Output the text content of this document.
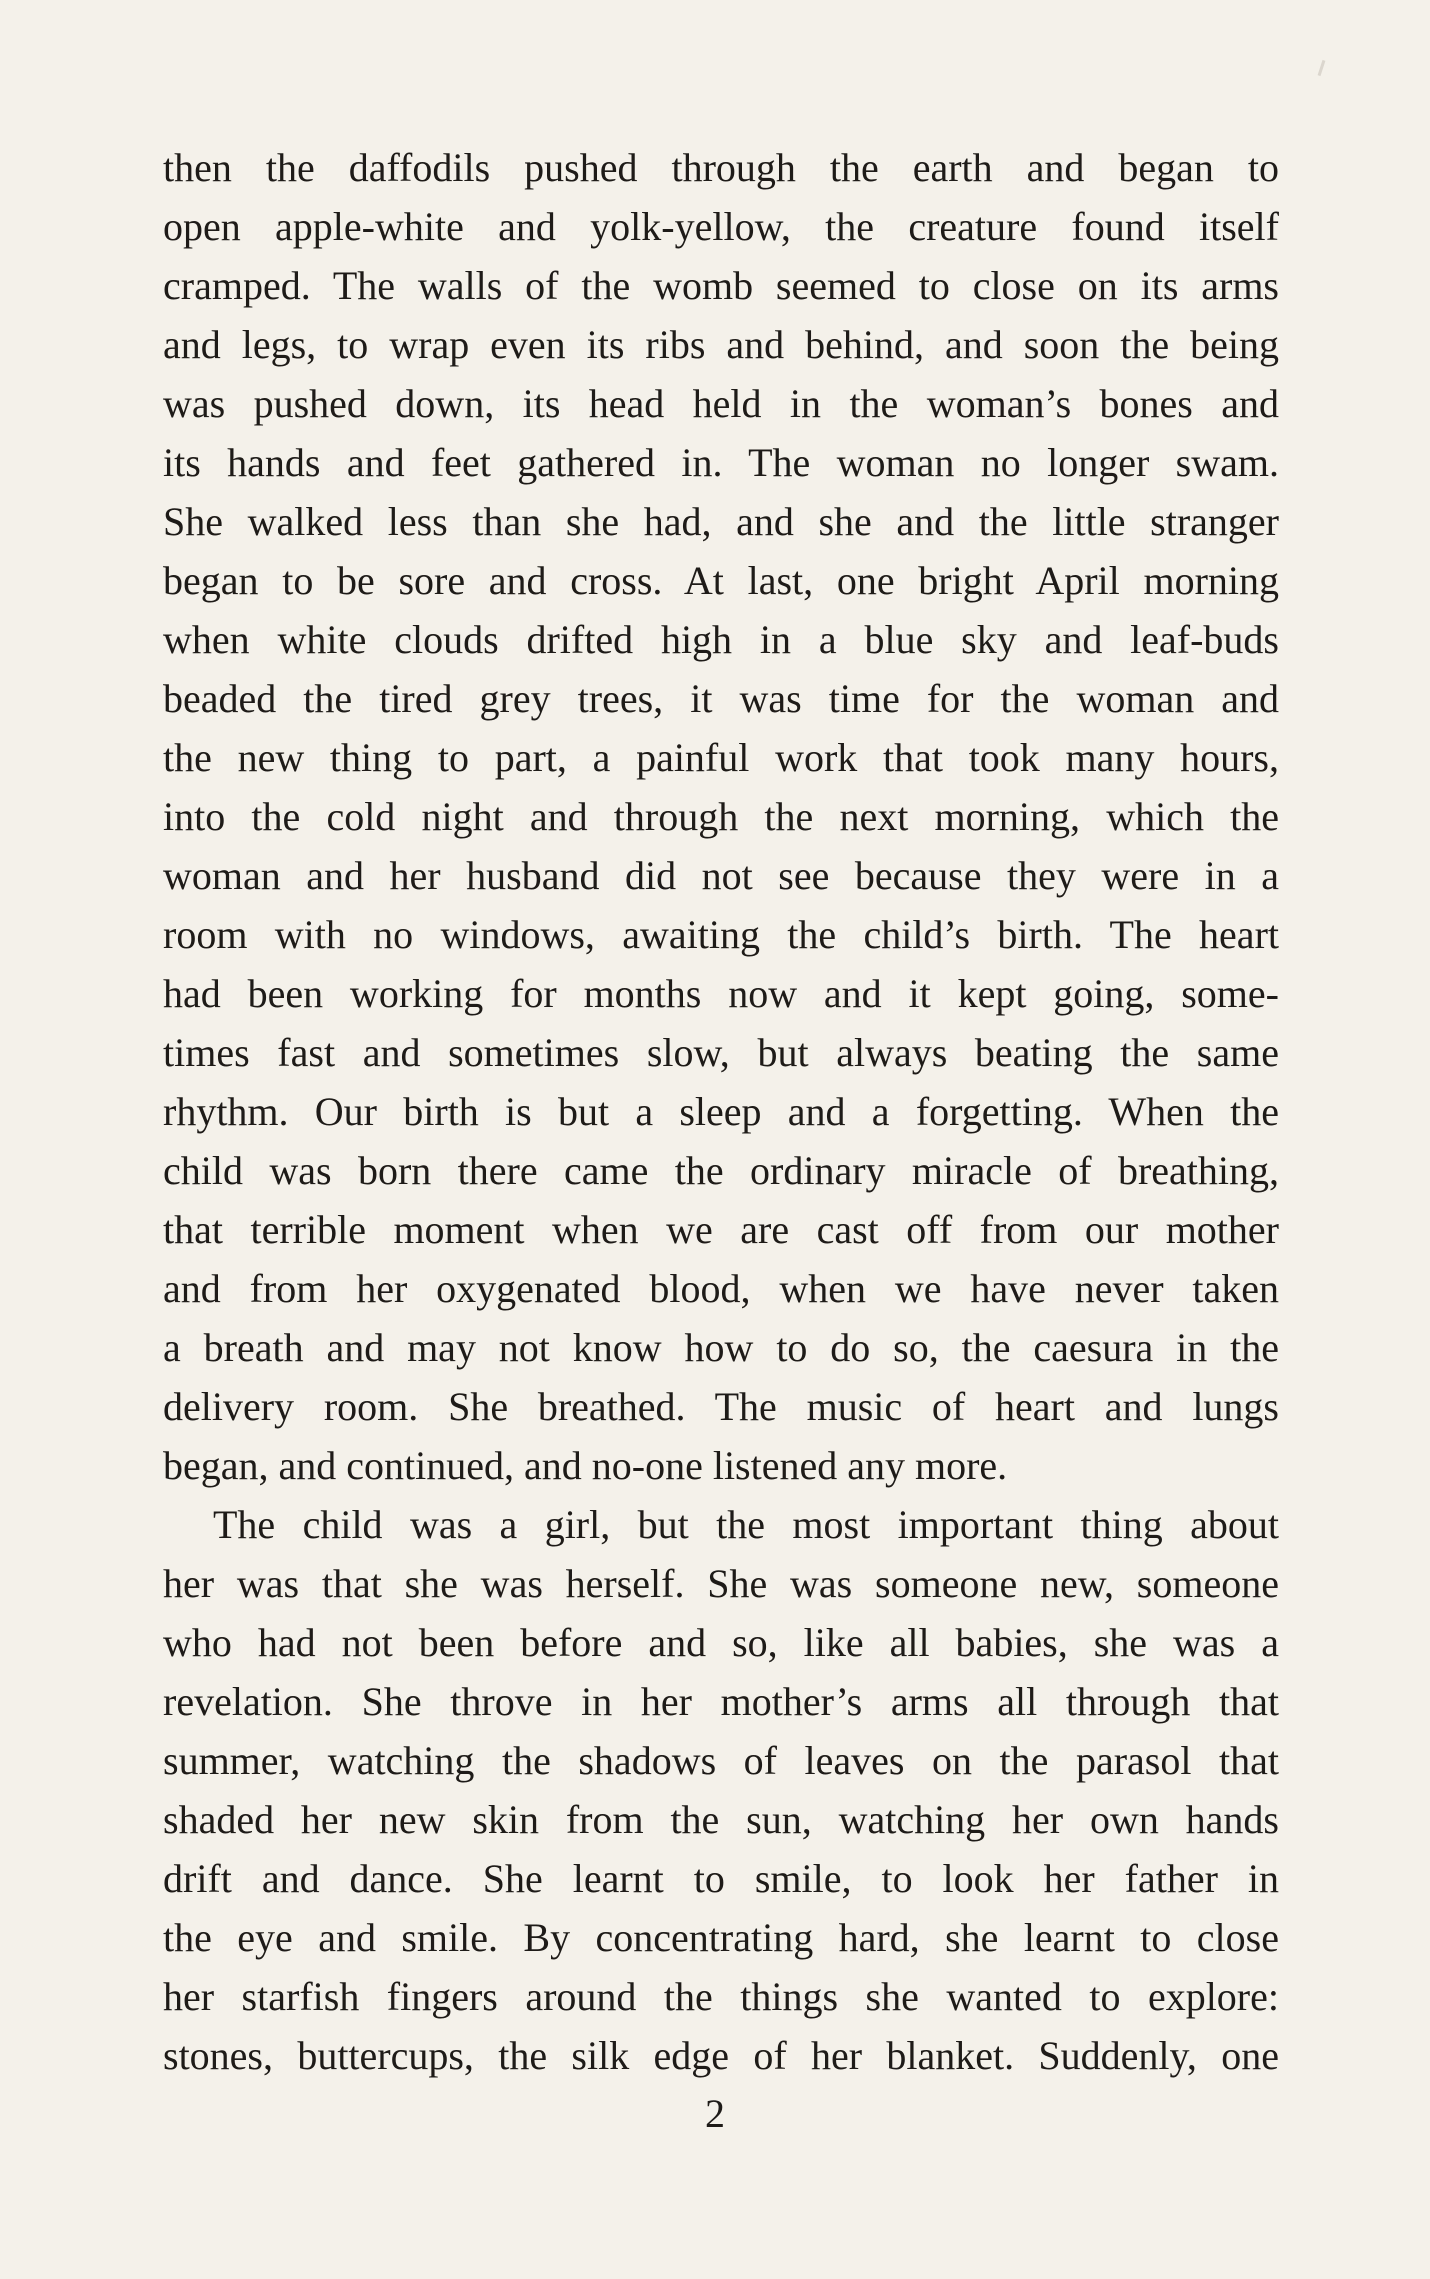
then the daffodils pushed through the earth and began to
open apple-white and yolk-yellow, the creature found itself
cramped. The walls of the womb seemed to close on its arms
and legs, to wrap even its ribs and behind, and soon the being
was pushed down, its head held in the woman’s bones and
its hands and feet gathered in. The woman no longer swam.
She walked less than she had, and she and the little stranger
began to be sore and cross. At last, one bright April morning
when white clouds drifted high in a blue sky and leaf-buds
beaded the tired grey trees, it was time for the woman and
the new thing to part, a painful work that took many hours,
into the cold night and through the next morning, which the
woman and her husband did not see because they were in a
room with no windows, awaiting the child’s birth. The heart
had been working for months now and it kept going, some-
times fast and sometimes slow, but always beating the same
rhythm. Our birth is but a sleep and a forgetting. When the
child was born there came the ordinary miracle of breathing,
that terrible moment when we are cast off from our mother
and from her oxygenated blood, when we have never taken
a breath and may not know how to do so, the caesura in the
delivery room. She breathed. The music of heart and lungs
began, and continued, and no-one listened any more.
The child was a girl, but the most important thing about
her was that she was herself. She was someone new, someone
who had not been before and so, like all babies, she was a
revelation. She throve in her mother’s arms all through that
summer, watching the shadows of leaves on the parasol that
shaded her new skin from the sun, watching her own hands
drift and dance. She learnt to smile, to look her father in
the eye and smile. By concentrating hard, she learnt to close
her starfish fingers around the things she wanted to explore:
stones, buttercups, the silk edge of her blanket. Suddenly, one
2
